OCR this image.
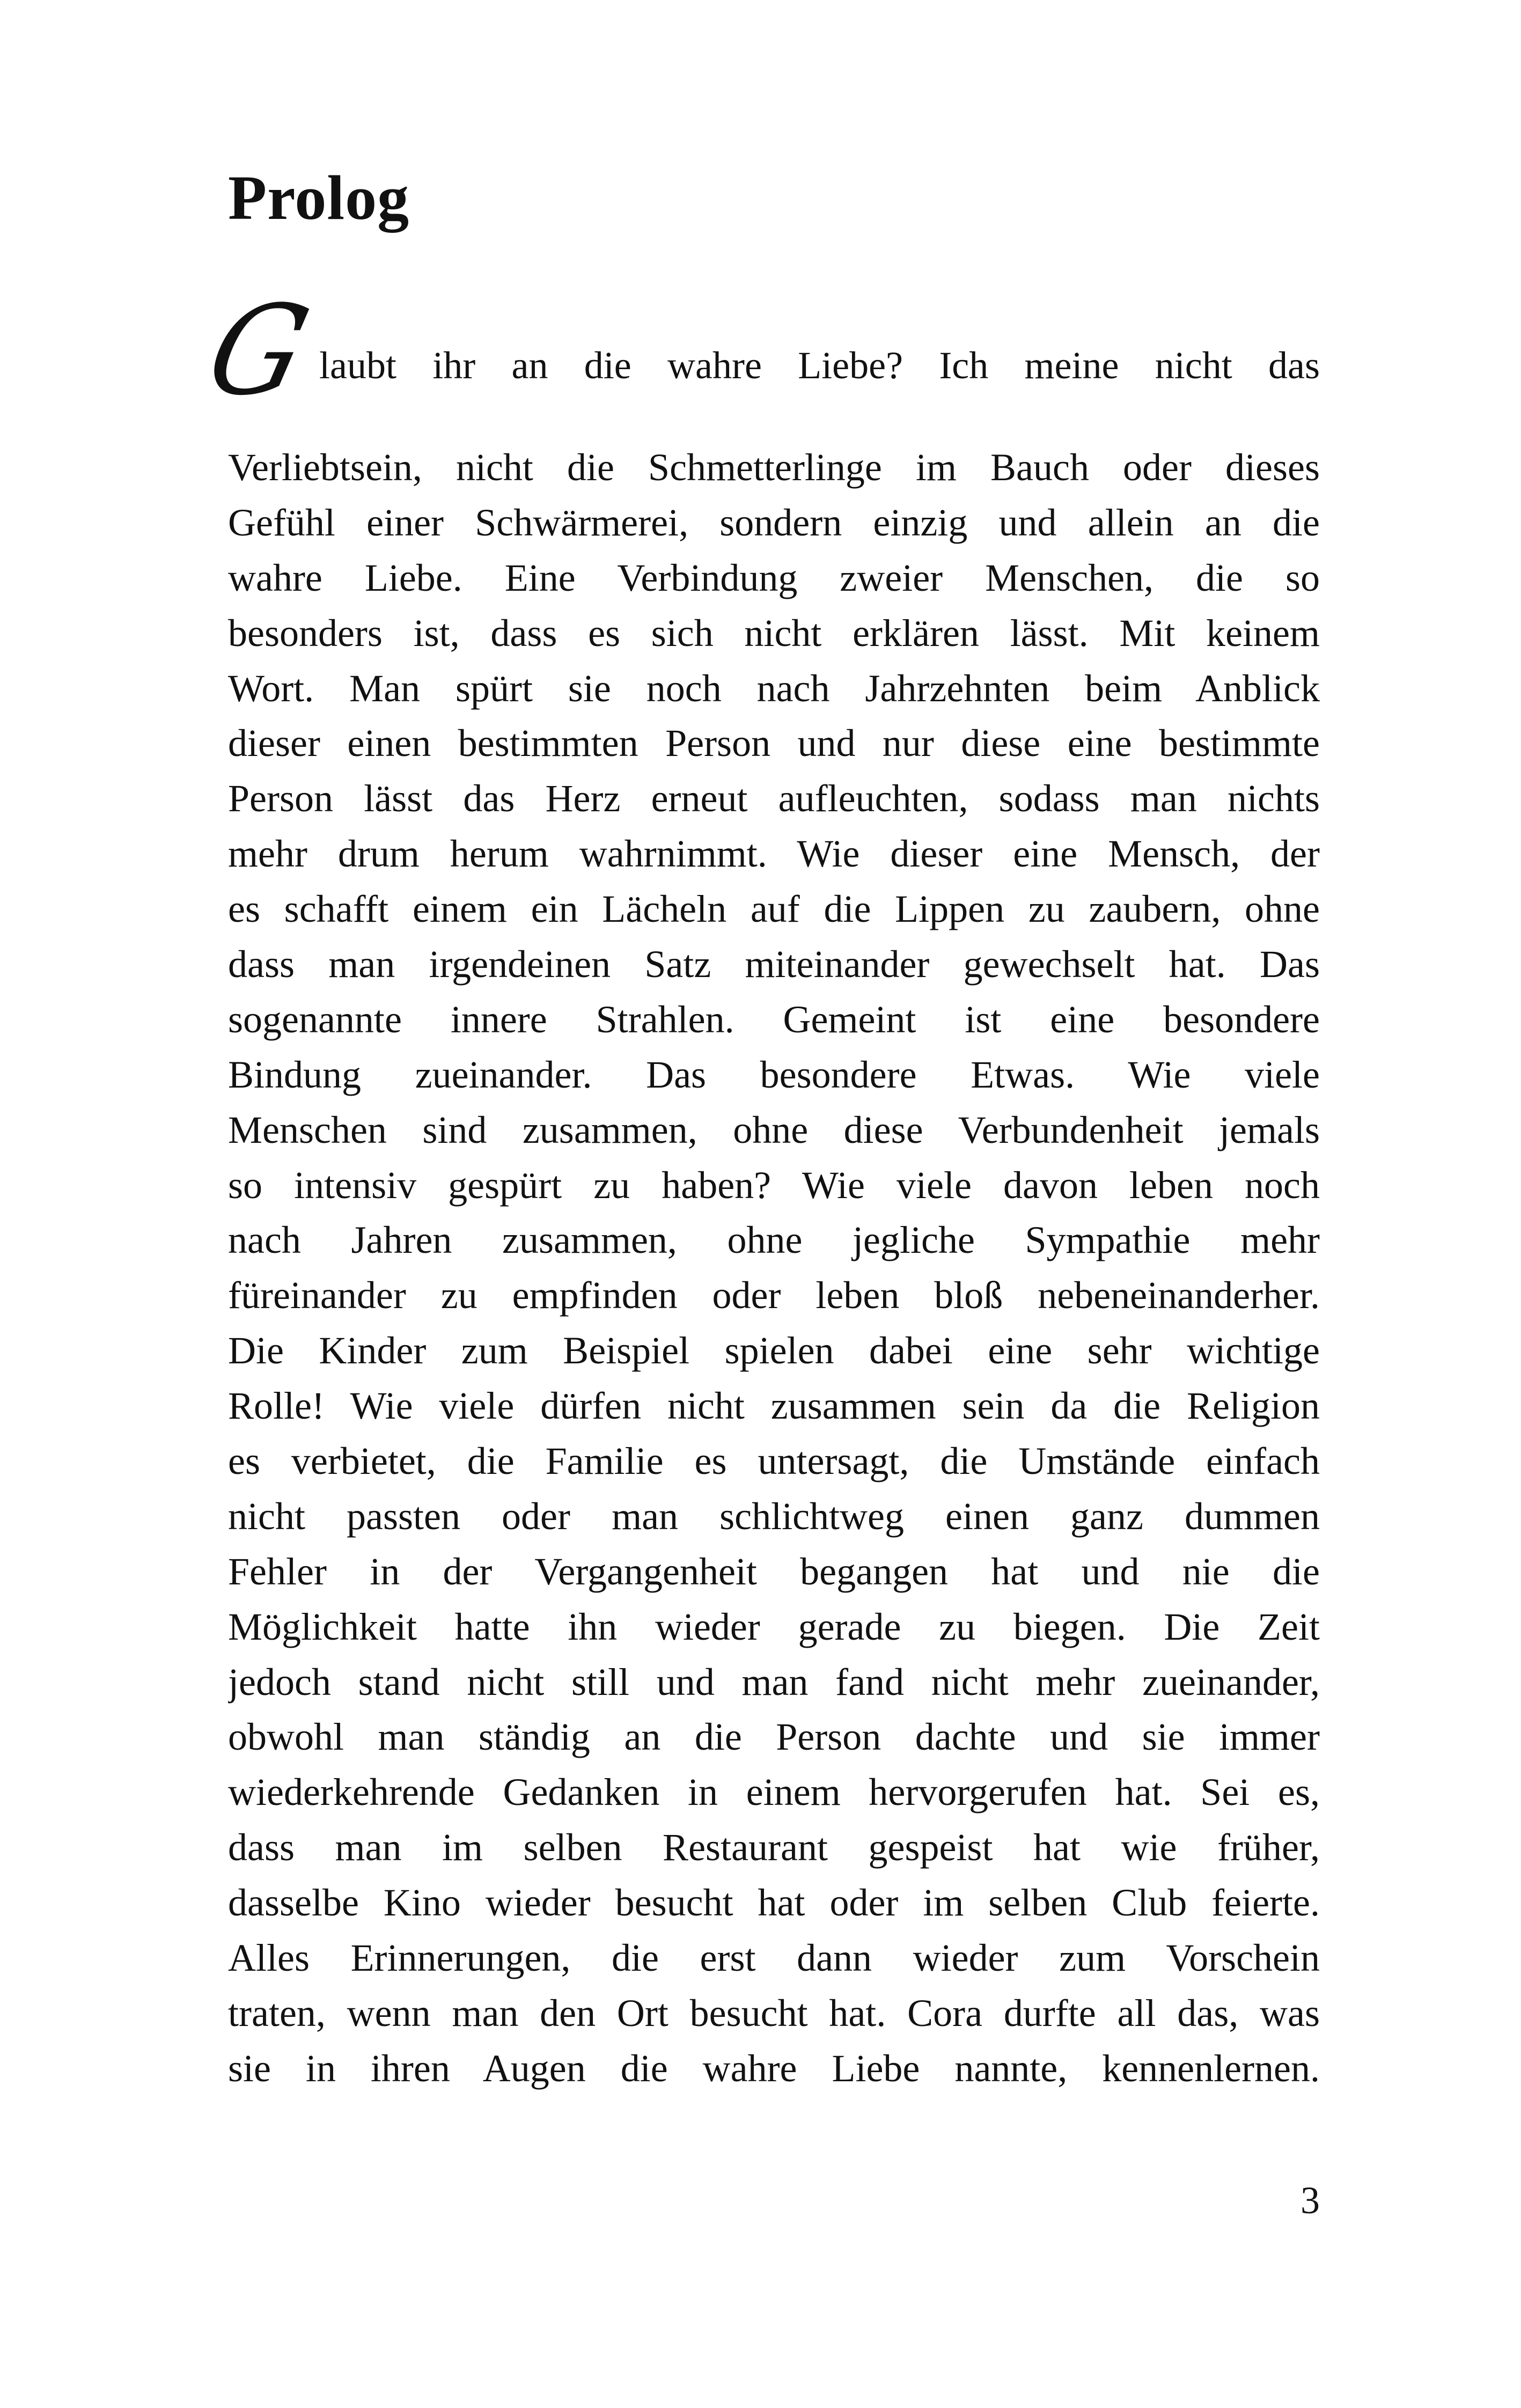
Prolog
G
laubt ihr an die wahre Liebe? Ich meine nicht das
Verliebtsein, nicht die Schmetterlinge im Bauch oder dieses
Gefühl einer Schwärmerei, sondern einzig und allein an die
wahre Liebe. Eine Verbindung zweier Menschen, die so
besonders ist, dass es sich nicht erklären lässt. Mit keinem
Wort. Man spürt sie noch nach Jahrzehnten beim Anblick
dieser einen bestimmten Person und nur diese eine bestimmte
Person lässt das Herz erneut aufleuchten, sodass man nichts
mehr drum herum wahrnimmt. Wie dieser eine Mensch, der
es schafft einem ein Lächeln auf die Lippen zu zaubern, ohne
dass man irgendeinen Satz miteinander gewechselt hat. Das
sogenannte innere Strahlen. Gemeint ist eine besondere
Bindung zueinander. Das besondere Etwas. Wie viele
Menschen sind zusammen, ohne diese Verbundenheit jemals
so intensiv gespürt zu haben? Wie viele davon leben noch
nach Jahren zusammen, ohne jegliche Sympathie mehr
füreinander zu empfinden oder leben bloß nebeneinanderher.
Die Kinder zum Beispiel spielen dabei eine sehr wichtige
Rolle! Wie viele dürfen nicht zusammen sein da die Religion
es verbietet, die Familie es untersagt, die Umstände einfach
nicht passten oder man schlichtweg einen ganz dummen
Fehler in der Vergangenheit begangen hat und nie die
Möglichkeit hatte ihn wieder gerade zu biegen. Die Zeit
jedoch stand nicht still und man fand nicht mehr zueinander,
obwohl man ständig an die Person dachte und sie immer
wiederkehrende Gedanken in einem hervorgerufen hat. Sei es,
dass man im selben Restaurant gespeist hat wie früher,
dasselbe Kino wieder besucht hat oder im selben Club feierte.
Alles Erinnerungen, die erst dann wieder zum Vorschein
traten, wenn man den Ort besucht hat. Cora durfte all das, was
sie in ihren Augen die wahre Liebe nannte, kennenlernen.
3
